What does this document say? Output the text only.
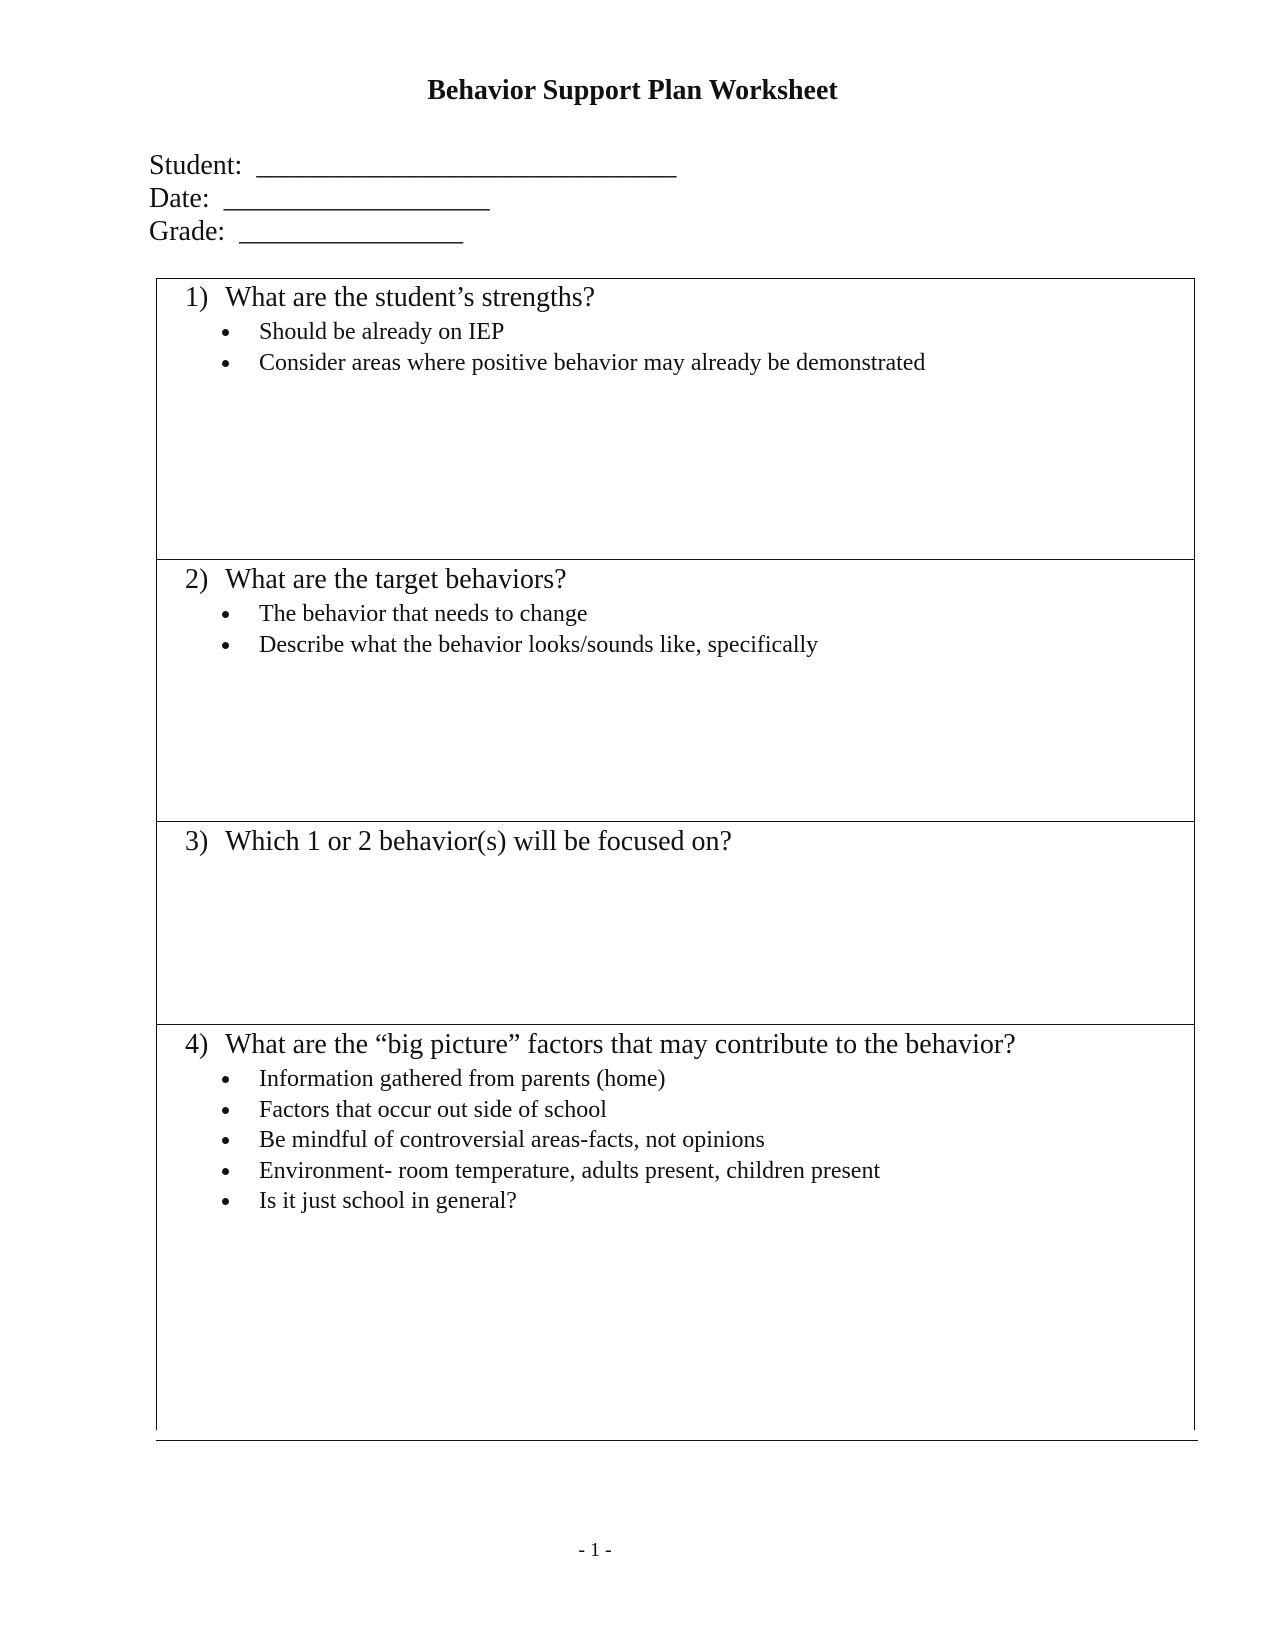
Behavior Support Plan Worksheet
Student:  ______________________________
Date:  ___________________
Grade:  ________________
1) What are the student’s strengths?
Should be already on IEP
Consider areas where positive behavior may already be demonstrated
2) What are the target behaviors?
The behavior that needs to change
Describe what the behavior looks/sounds like, specifically
3) Which 1 or 2 behavior(s) will be focused on?
4) What are the “big picture” factors that may contribute to the behavior?
Information gathered from parents (home)
Factors that occur out side of school
Be mindful of controversial areas-facts, not opinions
Environment- room temperature, adults present, children present
Is it just school in general?
- 1 -
